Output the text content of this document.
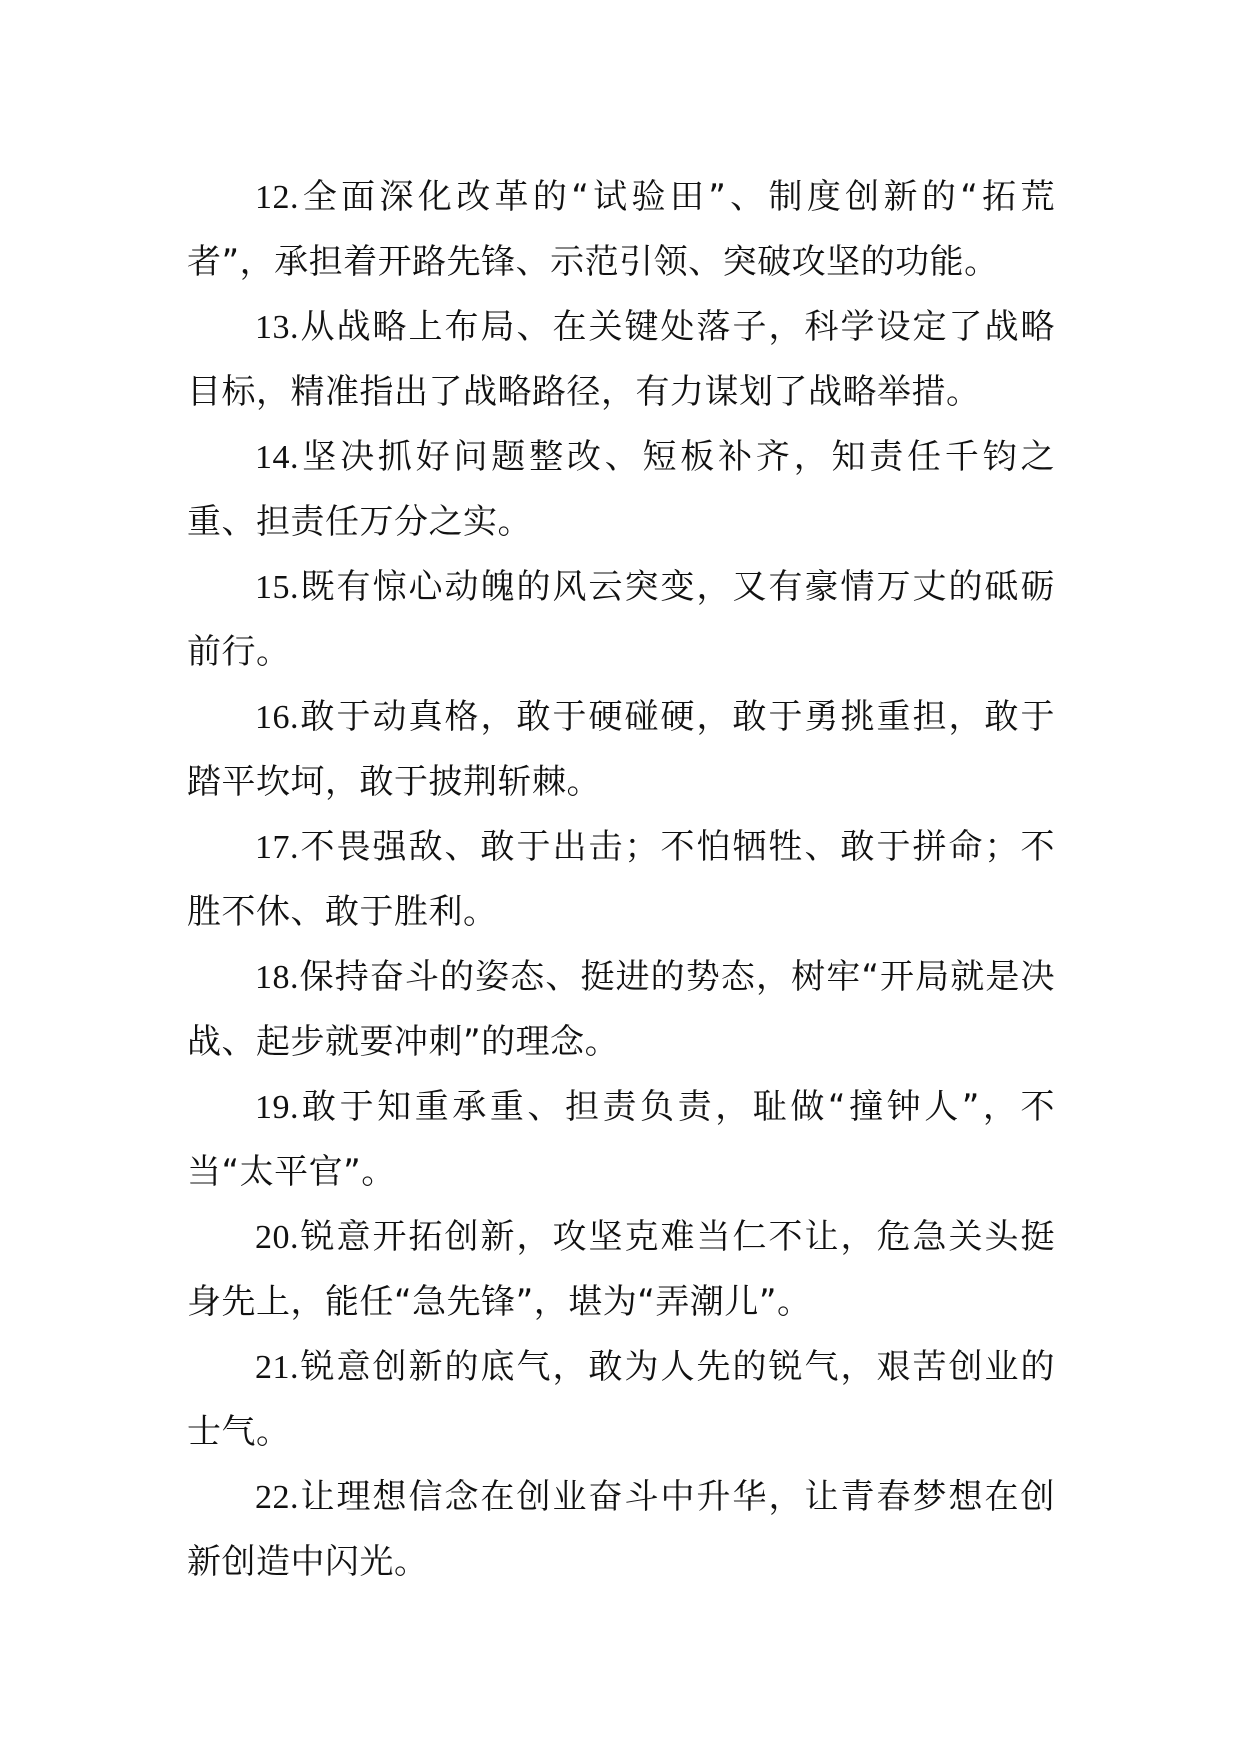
12.全面深化改革的“试验田”、制度创新的“拓荒者”，承担着开路先锋、示范引领、突破攻坚的功能。

13.从战略上布局、在关键处落子，科学设定了战略目标，精准指出了战略路径，有力谋划了战略举措。

14.坚决抓好问题整改、短板补齐，知责任千钧之重、担责任万分之实。

15.既有惊心动魄的风云突变，又有豪情万丈的砥砺前行。

16.敢于动真格，敢于硬碰硬，敢于勇挑重担，敢于踏平坎坷，敢于披荆斩棘。

17.不畏强敌、敢于出击；不怕牺牲、敢于拼命；不胜不休、敢于胜利。

18.保持奋斗的姿态、挺进的势态，树牢“开局就是决战、起步就要冲刺”的理念。

19.敢于知重承重、担责负责，耻做“撞钟人”，不当“太平官”。

20.锐意开拓创新，攻坚克难当仁不让，危急关头挺身先上，能任“急先锋”，堪为“弄潮儿”。

21.锐意创新的底气，敢为人先的锐气，艰苦创业的士气。

22.让理想信念在创业奋斗中升华，让青春梦想在创新创造中闪光。
